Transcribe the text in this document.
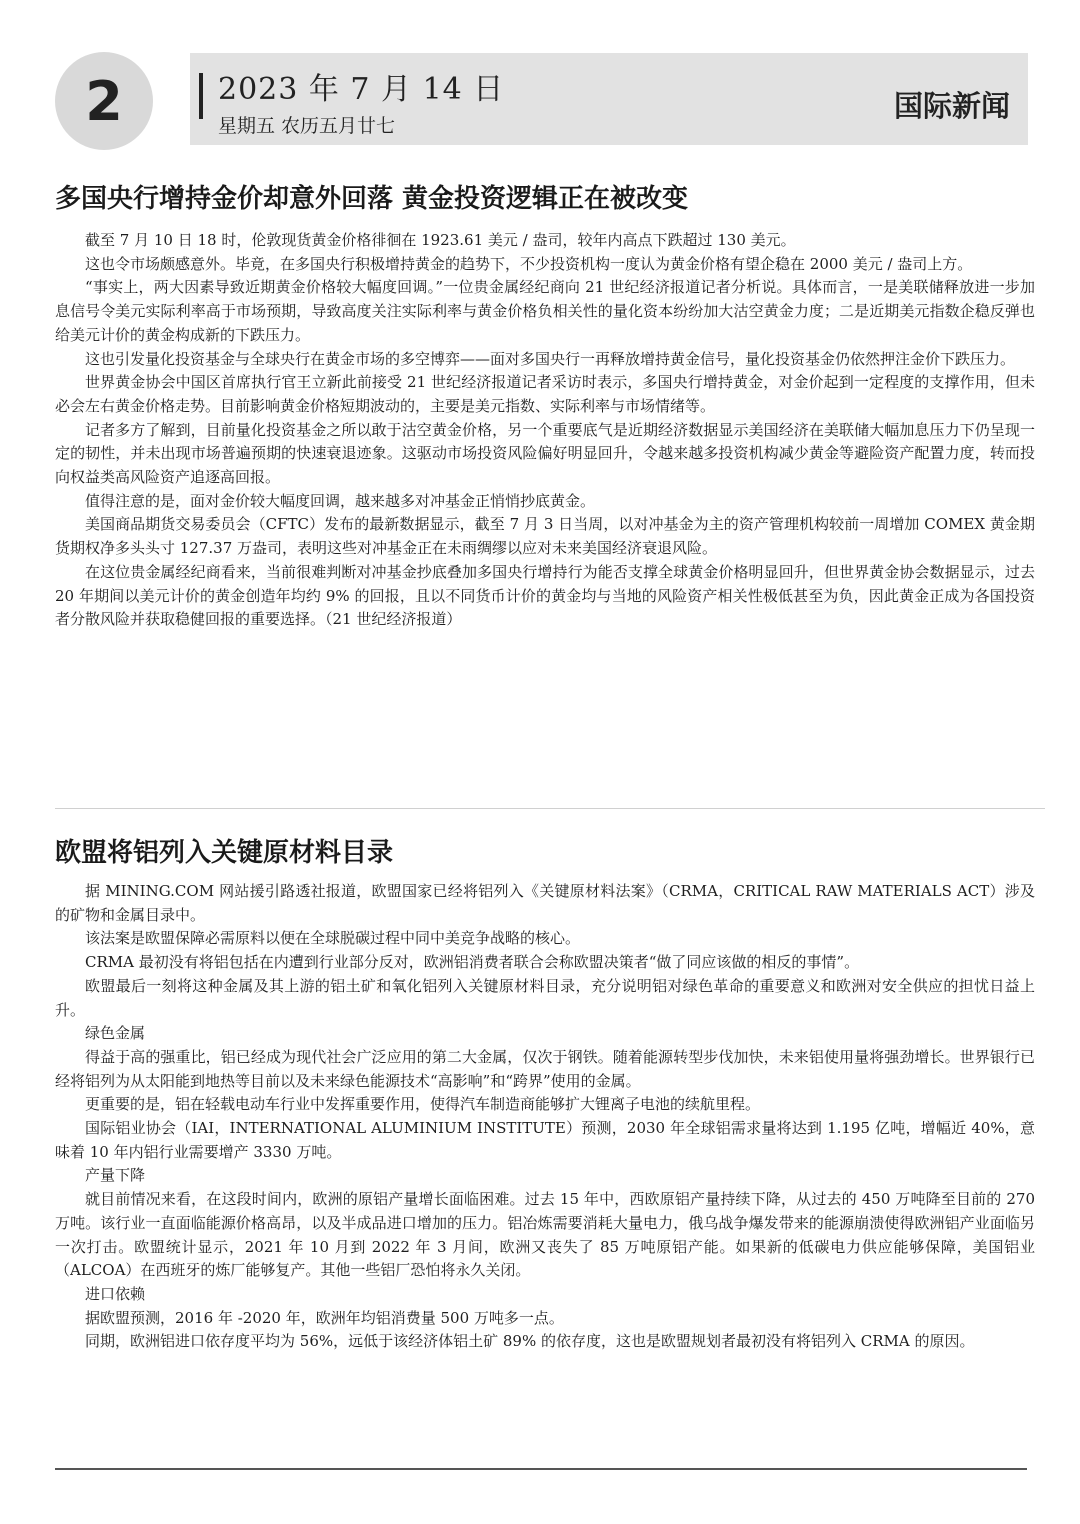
2	2023 年 7 月 14 日
星期五 农历五月廿七
国际新闻
多国央行增持金价却意外回落 黄金投资逻辑正在被改变

截至 7 月 10 日 18 时，伦敦现货黄金价格徘徊在 1923.61 美元 / 盎司，较年内高点下跌超过 130 美元。

这也令市场颇感意外。毕竟，在多国央行积极增持黄金的趋势下，不少投资机构一度认为黄金价格有望企稳在 2000 美元 / 盎司上方。

“事实上，两大因素导致近期黄金价格较大幅度回调。”一位贵金属经纪商向 21 世纪经济报道记者分析说。具体而言，一是美联储释放进一步加息信号令美元实际利率高于市场预期，导致高度关注实际利率与黄金价格负相关性的量化资本纷纷加大沽空黄金力度；二是近期美元指数企稳反弹也给美元计价的黄金构成新的下跌压力。

这也引发量化投资基金与全球央行在黄金市场的多空博弈——面对多国央行一再释放增持黄金信号，量化投资基金仍依然押注金价下跌压力。

世界黄金协会中国区首席执行官王立新此前接受 21 世纪经济报道记者采访时表示，多国央行增持黄金，对金价起到一定程度的支撑作用，但未必会左右黄金价格走势。目前影响黄金价格短期波动的，主要是美元指数、实际利率与市场情绪等。

记者多方了解到，目前量化投资基金之所以敢于沽空黄金价格，另一个重要底气是近期经济数据显示美国经济在美联储大幅加息压力下仍呈现一定的韧性，并未出现市场普遍预期的快速衰退迹象。这驱动市场投资风险偏好明显回升，令越来越多投资机构减少黄金等避险资产配置力度，转而投向权益类高风险资产追逐高回报。

值得注意的是，面对金价较大幅度回调，越来越多对冲基金正悄悄抄底黄金。

美国商品期货交易委员会（CFTC）发布的最新数据显示，截至 7 月 3 日当周，以对冲基金为主的资产管理机构较前一周增加 COMEX 黄金期货期权净多头头寸 127.37 万盎司，表明这些对冲基金正在未雨绸缪以应对未来美国经济衰退风险。

在这位贵金属经纪商看来，当前很难判断对冲基金抄底叠加多国央行增持行为能否支撑全球黄金价格明显回升，但世界黄金协会数据显示，过去 20 年期间以美元计价的黄金创造年均约 9% 的回报，且以不同货币计价的黄金均与当地的风险资产相关性极低甚至为负，因此黄金正成为各国投资者分散风险并获取稳健回报的重要选择。（21 世纪经济报道）

欧盟将铝列入关键原材料目录

据 MINING.COM 网站援引路透社报道，欧盟国家已经将铝列入《关键原材料法案》（CRMA，CRITICAL RAW MATERIALS ACT）涉及的矿物和金属目录中。

该法案是欧盟保障必需原料以便在全球脱碳过程中同中美竞争战略的核心。

CRMA 最初没有将铝包括在内遭到行业部分反对，欧洲铝消费者联合会称欧盟决策者“做了同应该做的相反的事情”。

欧盟最后一刻将这种金属及其上游的铝土矿和氧化铝列入关键原材料目录，充分说明铝对绿色革命的重要意义和欧洲对安全供应的担忧日益上升。

绿色金属

得益于高的强重比，铝已经成为现代社会广泛应用的第二大金属，仅次于钢铁。随着能源转型步伐加快，未来铝使用量将强劲增长。世界银行已经将铝列为从太阳能到地热等目前以及未来绿色能源技术“高影响”和“跨界”使用的金属。

更重要的是，铝在轻载电动车行业中发挥重要作用，使得汽车制造商能够扩大锂离子电池的续航里程。

国际铝业协会（IAI，INTERNATIONAL ALUMINIUM INSTITUTE）预测，2030 年全球铝需求量将达到 1.195 亿吨，增幅近 40%，意味着 10 年内铝行业需要增产 3330 万吨。

产量下降

就目前情况来看，在这段时间内，欧洲的原铝产量增长面临困难。过去 15 年中，西欧原铝产量持续下降，从过去的 450 万吨降至目前的 270 万吨。该行业一直面临能源价格高昂，以及半成品进口增加的压力。铝冶炼需要消耗大量电力，俄乌战争爆发带来的能源崩溃使得欧洲铝产业面临另一次打击。欧盟统计显示，2021 年 10 月到 2022 年 3 月间，欧洲又丧失了 85 万吨原铝产能。如果新的低碳电力供应能够保障，美国铝业（ALCOA）在西班牙的炼厂能够复产。其他一些铝厂恐怕将永久关闭。

进口依赖

据欧盟预测，2016 年 -2020 年，欧洲年均铝消费量 500 万吨多一点。

同期，欧洲铝进口依存度平均为 56%，远低于该经济体铝土矿 89% 的依存度，这也是欧盟规划者最初没有将铝列入 CRMA 的原因。
